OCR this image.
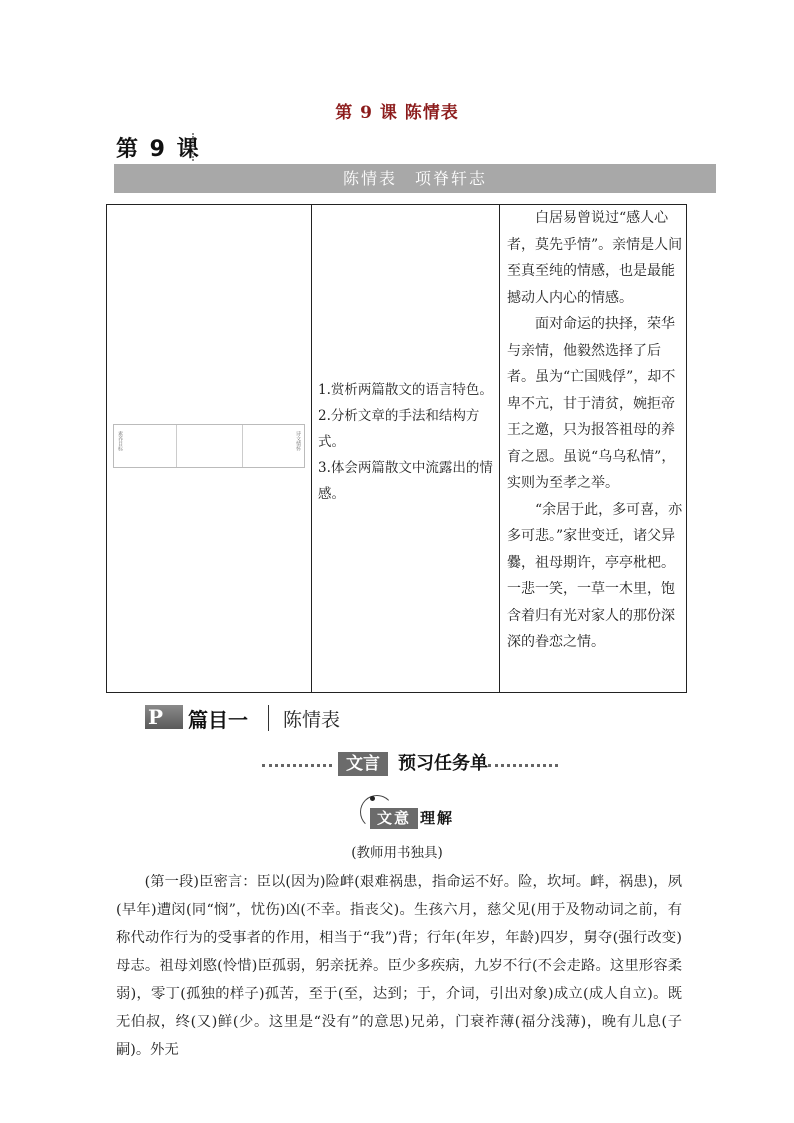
第 9 课 陈情表
第 9 课
陈情表　项脊轩志
素养目标	诗文情怀
1.赏析两篇散文的语言特色。
2.分析文章的手法和结构方式。
3.体会两篇散文中流露出的情感。

白居易曾说过“感人心者，莫先乎情”。亲情是人间至真至纯的情感，也是最能撼动人内心的情感。

面对命运的抉择，荣华与亲情，他毅然选择了后者。虽为“亡国贱俘”，却不卑不亢，甘于清贫，婉拒帝王之邀，只为报答祖母的养育之恩。虽说“乌乌私情”，实则为至孝之举。

“余居于此，多可喜，亦多可悲。”家世变迁，诸父异爨，祖母期许，亭亭枇杷。一悲一笑，一草一木里，饱含着归有光对家人的那份深深的眷恋之情。

P
IANMU 篇目一 陈情表
文言	预习任务单
文意 理解
(教师用书独具)

(第一段)臣密言：臣以(因为)险衅(艰难祸患，指命运不好。险，坎坷。衅，祸患)，夙(早年)遭闵(同“悯”，忧伤)凶(不幸。指丧父)。生孩六月，慈父见(用于及物动词之前，有称代动作行为的受事者的作用，相当于“我”)背；行年(年岁，年龄)四岁，舅夺(强行改变)母志。祖母刘愍(怜惜)臣孤弱，躬亲抚养。臣少多疾病，九岁不行(不会走路。这里形容柔弱)，零丁(孤独的样子)孤苦，至于(至，达到；于，介词，引出对象)成立(成人自立)。既无伯叔，终(又)鲜(少。这里是“没有”的意思)兄弟，门衰祚薄(福分浅薄)，晚有儿息(子嗣)。外无
